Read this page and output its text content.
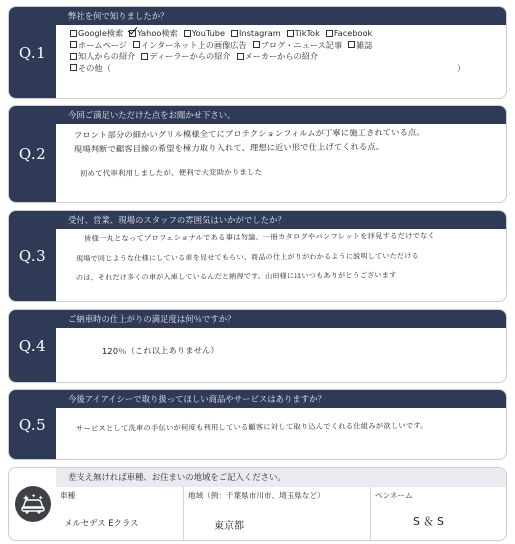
Q.1
弊社を何で知りましたか？
Google検索 Yahoo検索 YouTube Instagram TikTok Facebook
ホームページ インターネット上の画像広告 ブログ・ニュース記事 雑誌
知人からの紹介 ディーラーからの紹介 メーカーからの紹介
その他（	）
Q.2
今回ご満足いただけた点をお聞かせ下さい。
フロント部分の細かいグリル模様全てにプロテクションフィルムが丁寧に施工されている点。
現場判断で顧客目線の希望を極力取り入れて、理想に近い形で仕上げてくれる点。
初めて代車利用しましたが、便利で大変助かりました
Q.3
受付、営業、現場のスタッフの雰囲気はいかがでしたか？
皆様一丸となってプロフェショナルである事は勿論、一冊カタログやパンフレットを拝見するだけでなく
現場で同じような仕様にしている車を見せてもらい、商品の仕上がりがわかるように説明していただける
のは、それだけ多くの車が入庫しているんだと納得です。山田様にはいつもありがとうございます
Q.4
ご納車時の仕上がりの満足度は何％ですか？
120％（これ以上ありません）
Q.5
今後アイアイシーで取り扱ってほしい商品やサービスはありますか？
サービスとして洗車の手伝いが何度も利用している顧客に対して取り込んでくれる仕組みが欲しいです。
差支え無ければ車種、お住まいの地域をご記入ください。
車種
メルセデス Eクラス
地域（例：千葉県市川市、埼玉県など）
東京都
ペンネーム
S＆S
